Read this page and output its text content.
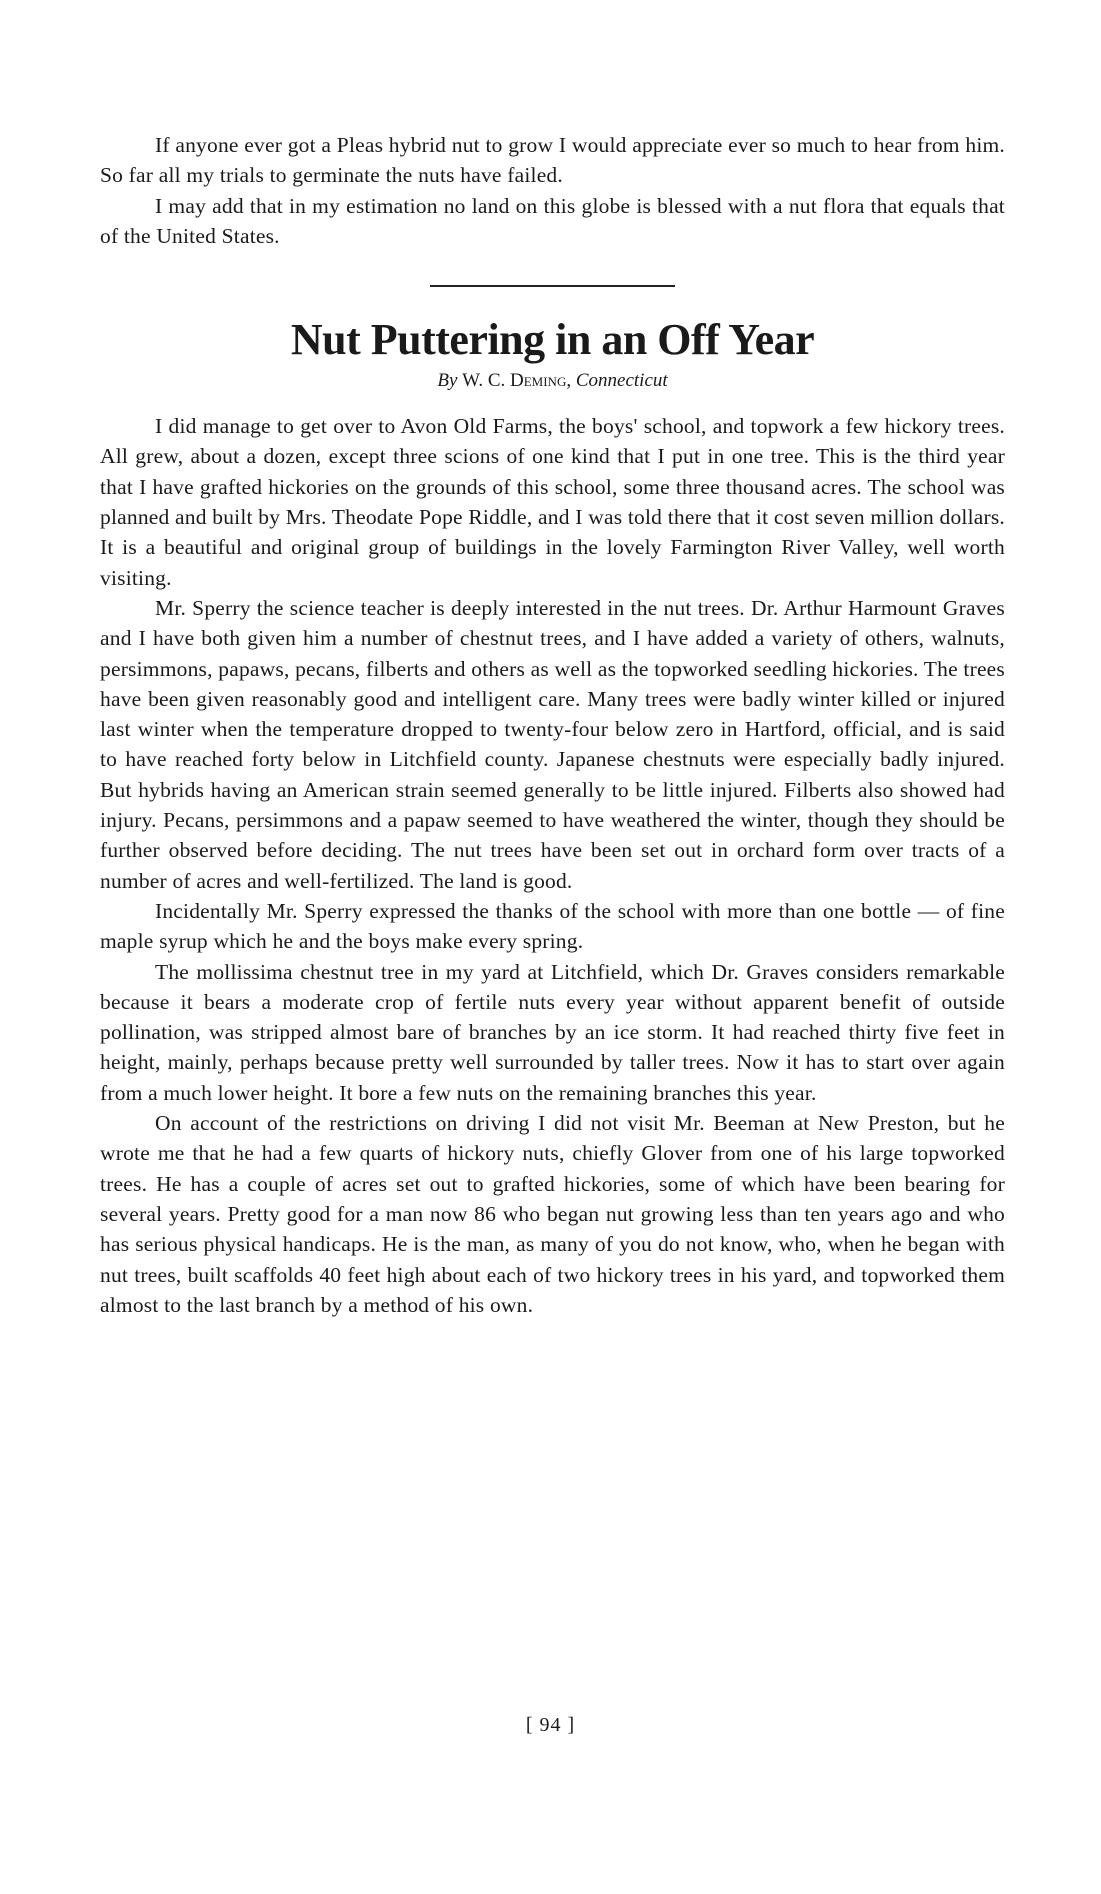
If anyone ever got a Pleas hybrid nut to grow I would appreciate ever so much to hear from him. So far all my trials to germinate the nuts have failed.

I may add that in my estimation no land on this globe is blessed with a nut flora that equals that of the United States.

Nut Puttering in an Off Year
By W. C. Deming, Connecticut

I did manage to get over to Avon Old Farms, the boys' school, and topwork a few hickory trees. All grew, about a dozen, except three scions of one kind that I put in one tree. This is the third year that I have grafted hickories on the grounds of this school, some three thousand acres. The school was planned and built by Mrs. Theodate Pope Riddle, and I was told there that it cost seven million dollars. It is a beautiful and original group of buildings in the lovely Farmington River Valley, well worth visiting.

Mr. Sperry the science teacher is deeply interested in the nut trees. Dr. Arthur Harmount Graves and I have both given him a number of chestnut trees, and I have added a variety of others, walnuts, persimmons, papaws, pecans, filberts and others as well as the topworked seedling hickories. The trees have been given reasonably good and intelligent care. Many trees were badly winter killed or injured last winter when the temperature dropped to twenty-four below zero in Hartford, official, and is said to have reached forty below in Litchfield county. Japanese chestnuts were especially badly injured. But hybrids having an American strain seemed generally to be little injured. Filberts also showed had injury. Pecans, persimmons and a papaw seemed to have weathered the winter, though they should be further observed before deciding. The nut trees have been set out in orchard form over tracts of a number of acres and well-fertilized. The land is good.

Incidentally Mr. Sperry expressed the thanks of the school with more than one bottle — of fine maple syrup which he and the boys make every spring.

The mollissima chestnut tree in my yard at Litchfield, which Dr. Graves considers remarkable because it bears a moderate crop of fertile nuts every year without apparent benefit of outside pollination, was stripped almost bare of branches by an ice storm. It had reached thirty five feet in height, mainly, perhaps because pretty well surrounded by taller trees. Now it has to start over again from a much lower height. It bore a few nuts on the remaining branches this year.

On account of the restrictions on driving I did not visit Mr. Beeman at New Preston, but he wrote me that he had a few quarts of hickory nuts, chiefly Glover from one of his large topworked trees. He has a couple of acres set out to grafted hickories, some of which have been bearing for several years. Pretty good for a man now 86 who began nut growing less than ten years ago and who has serious physical handicaps. He is the man, as many of you do not know, who, when he began with nut trees, built scaffolds 40 feet high about each of two hickory trees in his yard, and topworked them almost to the last branch by a method of his own.

[ 94 ]
